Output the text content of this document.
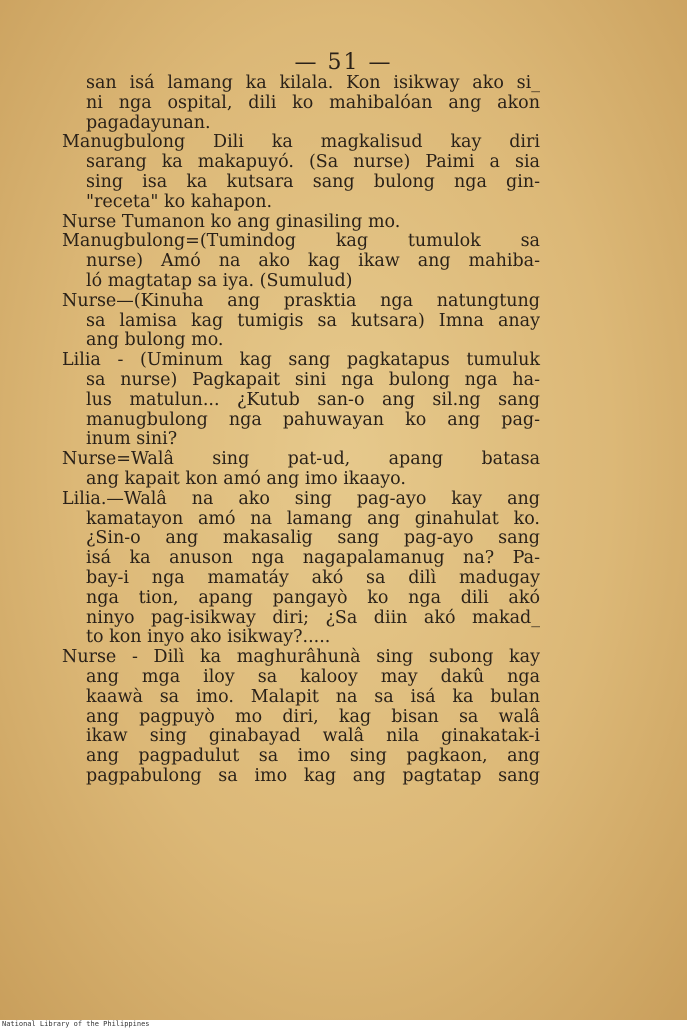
— 51 —
san isá lamang ka kilala. Kon isikway ako si_
ni nga ospital, dili ko mahibalóan ang akon
pagadayunan.
Manugbulong Dili ka magkalisud kay diri
sarang ka makapuyó. (Sa nurse) Paimi a sia
sing isa ka kutsara sang bulong nga gin-
"receta" ko kahapon.
Nurse Tumanon ko ang ginasiling mo.
Manugbulong=(Tumindog kag tumulok sa
nurse) Amó na ako kag ikaw ang mahiba-
ló magtatap sa iya. (Sumulud)
Nurse—(Kinuha ang prasktia nga natungtung
sa lamisa kag tumigis sa kutsara) Imna anay
ang bulong mo.
Lilia - (Uminum kag sang pagkatapus tumuluk
sa nurse) Pagkapait sini nga bulong nga ha-
lus matulun... ¿Kutub san-o ang sil.ng sang
manugbulong nga pahuwayan ko ang pag-
inum sini?
Nurse=Walâ sing pat-ud, apang batasa
ang kapait kon amó ang imo ikaayo.
Lilia.—Walâ na ako sing pag-ayo kay ang
kamatayon amó na lamang ang ginahulat ko.
¿Sin-o ang makasalig sang pag-ayo sang
isá ka anuson nga nagapalamanug na? Pa-
bay-i nga mamatáy akó sa dilì madugay
nga tion, apang pangayò ko nga dili akó
ninyo pag-isikway diri; ¿Sa diin akó makad_
to kon inyo ako isikway?.....
Nurse - Dilì ka maghurâhunà sing subong kay
ang mga iloy sa kalooy may dakû nga
kaawà sa imo. Malapit na sa isá ka bulan
ang pagpuyò mo diri, kag bisan sa walâ
ikaw sing ginabayad walâ nila ginakatak-i
ang pagpadulut sa imo sing pagkaon, ang
pagpabulong sa imo kag ang pagtatap sang
National Library of the Philippines
